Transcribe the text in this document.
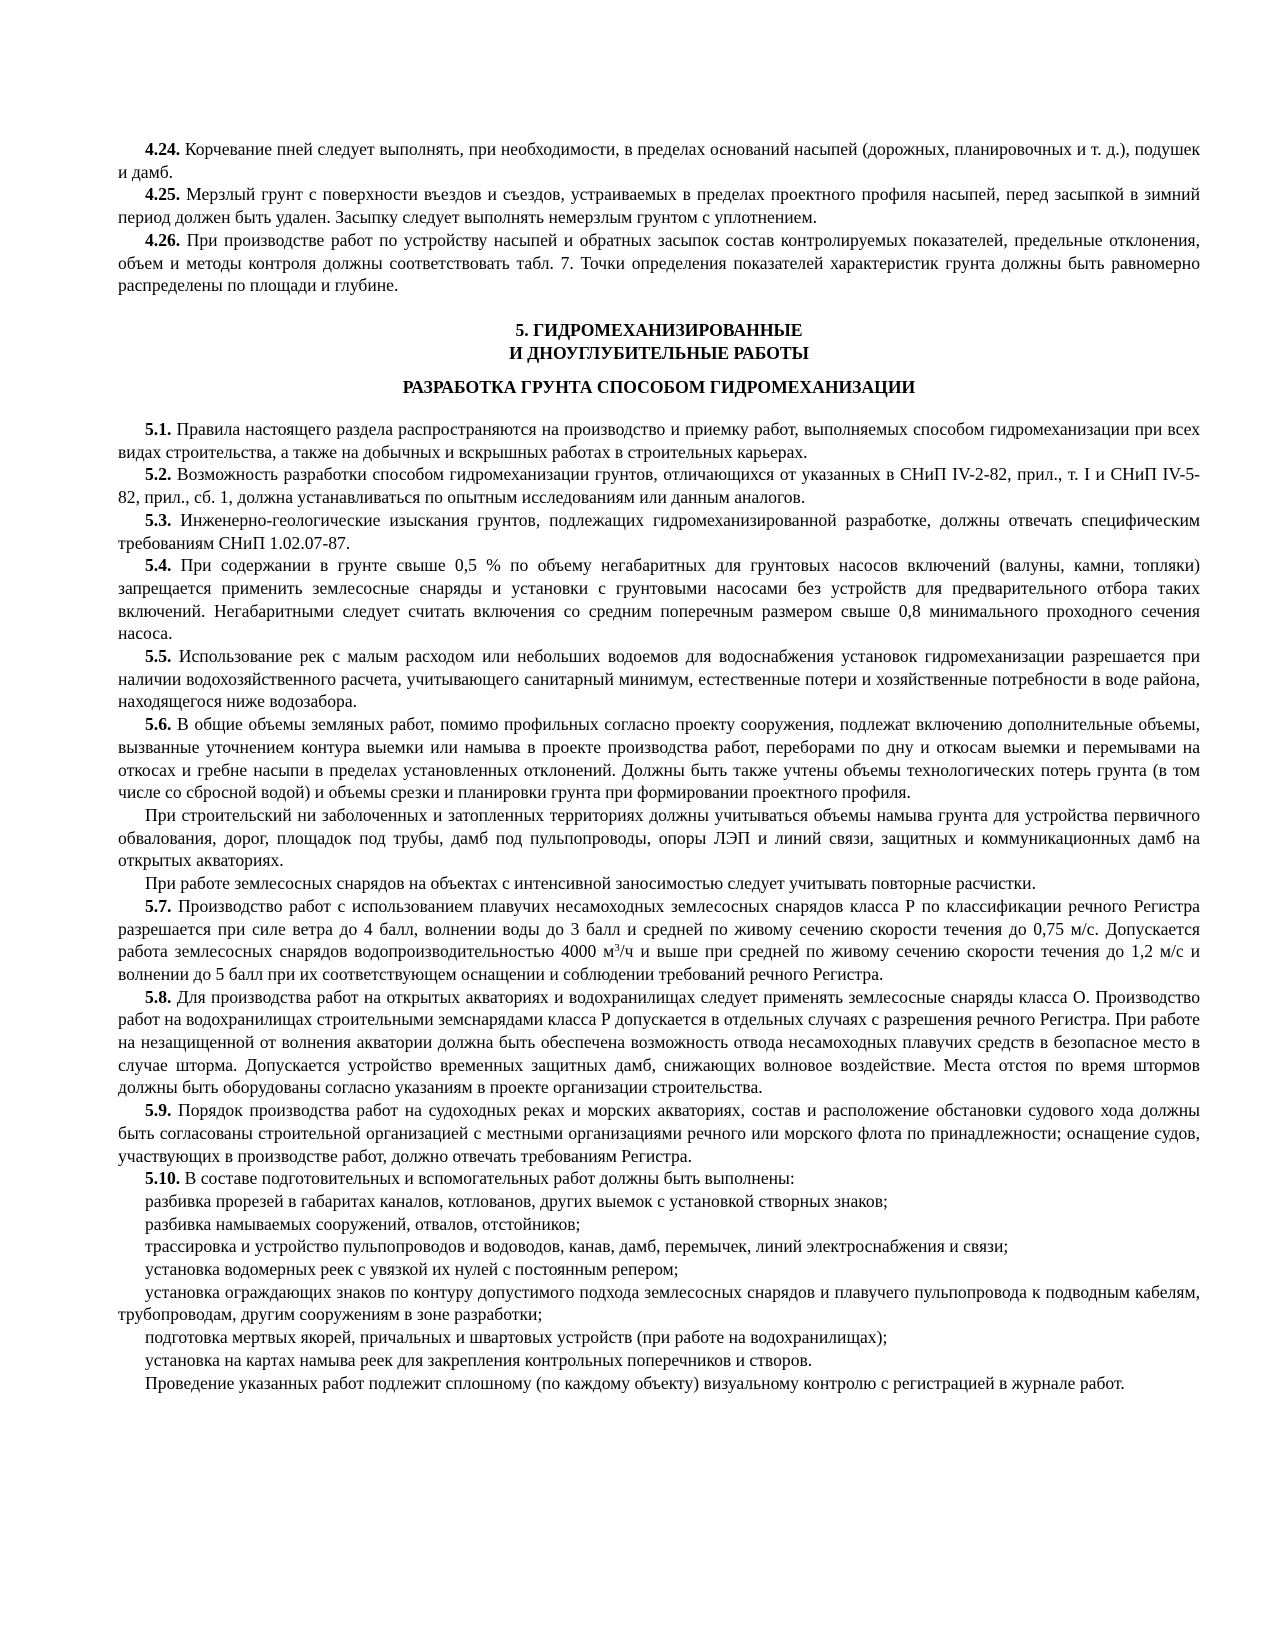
4.24. Корчевание пней следует выполнять, при необходимости, в пределах оснований насыпей (дорожных, планировочных и т. д.), подушек и дамб.

4.25. Мерзлый грунт с поверхности въездов и съездов, устраиваемых в пределах проектного профиля насыпей, перед засыпкой в зимний период должен быть удален. Засыпку следует выполнять немерзлым грунтом с уплотнением.

4.26. При производстве работ по устройству насыпей и обратных засыпок состав контролируемых показателей, предельные отклонения, объем и методы контроля должны соответствовать табл. 7. Точки определения показателей характеристик грунта должны быть равномерно распределены по площади и глубине.

5. ГИДРОМЕХАНИЗИРОВАННЫЕ
И ДНОУГЛУБИТЕЛЬНЫЕ РАБОТЫ
РАЗРАБОТКА ГРУНТА СПОСОБОМ ГИДРОМЕХАНИЗАЦИИ

5.1. Правила настоящего раздела распространяются на производство и приемку работ, выполняемых способом гидромеханизации при всех видах строительства, а также на добычных и вскрышных работах в строительных карьерах.

5.2. Возможность разработки способом гидромеханизации грунтов, отличающихся от указанных в СНиП IV-2-82, прил., т. I и СНиП IV-5-82, прил., сб. 1, должна устанавливаться по опытным исследованиям или данным аналогов.

5.3. Инженерно-геологические изыскания грунтов, подлежащих гидромеханизированной разработке, должны отвечать специфическим требованиям СНиП 1.02.07-87.

5.4. При содержании в грунте свыше 0,5 % по объему негабаритных для грунтовых насосов включений (валуны, камни, топляки) запрещается применить землесосные снаряды и установки с грунтовыми насосами без устройств для предварительного отбора таких включений. Негабаритными следует считать включения со средним поперечным размером свыше 0,8 минимального проходного сечения насоса.

5.5. Использование рек с малым расходом или небольших водоемов для водоснабжения установок гидромеханизации разрешается при наличии водохозяйственного расчета, учитывающего санитарный минимум, естественные потери и хозяйственные потребности в воде района, находящегося ниже водозабора.

5.6. В общие объемы земляных работ, помимо профильных согласно проекту сооружения, подлежат включению дополнительные объемы, вызванные уточнением контура выемки или намыва в проекте производства работ, переборами по дну и откосам выемки и перемывами на откосах и гребне насыпи в пределах установленных отклонений. Должны быть также учтены объемы технологических потерь грунта (в том числе со сбросной водой) и объемы срезки и планировки грунта при формировании проектного профиля.

При строительский ни заболоченных и затопленных территориях должны учитываться объемы намыва грунта для устройства первичного обвалования, дорог, площадок под трубы, дамб под пульпопроводы, опоры ЛЭП и линий связи, защитных и коммуникационных дамб на открытых акваториях.

При работе землесосных снарядов на объектах с интенсивной заносимостью следует учитывать повторные расчистки.

5.7. Производство работ с использованием плавучих несамоходных землесосных снарядов класса Р по классификации речного Регистра разрешается при силе ветра до 4 балл, волнении воды до 3 балл и средней по живому сечению скорости течения до 0,75 м/с. Допускается работа землесосных снарядов водопроизводительностью 4000 $м^3/ч$ и выше при средней по живому сечению скорости течения до 1,2 м/с и волнении до 5 балл при их соответствующем оснащении и соблюдении требований речного Регистра.

5.8. Для производства работ на открытых акваториях и водохранилищах следует применять землесосные снаряды класса О. Производство работ на водохранилищах строительными земснарядами класса Р допускается в отдельных случаях с разрешения речного Регистра. При работе на незащищенной от волнения акватории должна быть обеспечена возможность отвода несамоходных плавучих средств в безопасное место в случае шторма. Допускается устройство временных защитных дамб, снижающих волновое воздействие. Места отстоя по время штормов должны быть оборудованы согласно указаниям в проекте организации строительства.

5.9. Порядок производства работ на судоходных реках и морских акваториях, состав и расположение обстановки судового хода должны быть согласованы строительной организацией с местными организациями речного или морского флота по принадлежности; оснащение судов, участвующих в производстве работ, должно отвечать требованиям Регистра.

5.10. В составе подготовительных и вспомогательных работ должны быть выполнены:

разбивка прорезей в габаритах каналов, котлованов, других выемок с установкой створных знаков;

разбивка намываемых сооружений, отвалов, отстойников;

трассировка и устройство пульпопроводов и водоводов, канав, дамб, перемычек, линий электроснабжения и связи;

установка водомерных реек с увязкой их нулей с постоянным репером;

установка ограждающих знаков по контуру допустимого подхода землесосных снарядов и плавучего пульпопровода к подводным кабелям, трубопроводам, другим сооружениям в зоне разработки;

подготовка мертвых якорей, причальных и швартовых устройств (при работе на водохранилищах);

установка на картах намыва реек для закрепления контрольных поперечников и створов.

Проведение указанных работ подлежит сплошному (по каждому объекту) визуальному контролю с регистрацией в журнале работ.
